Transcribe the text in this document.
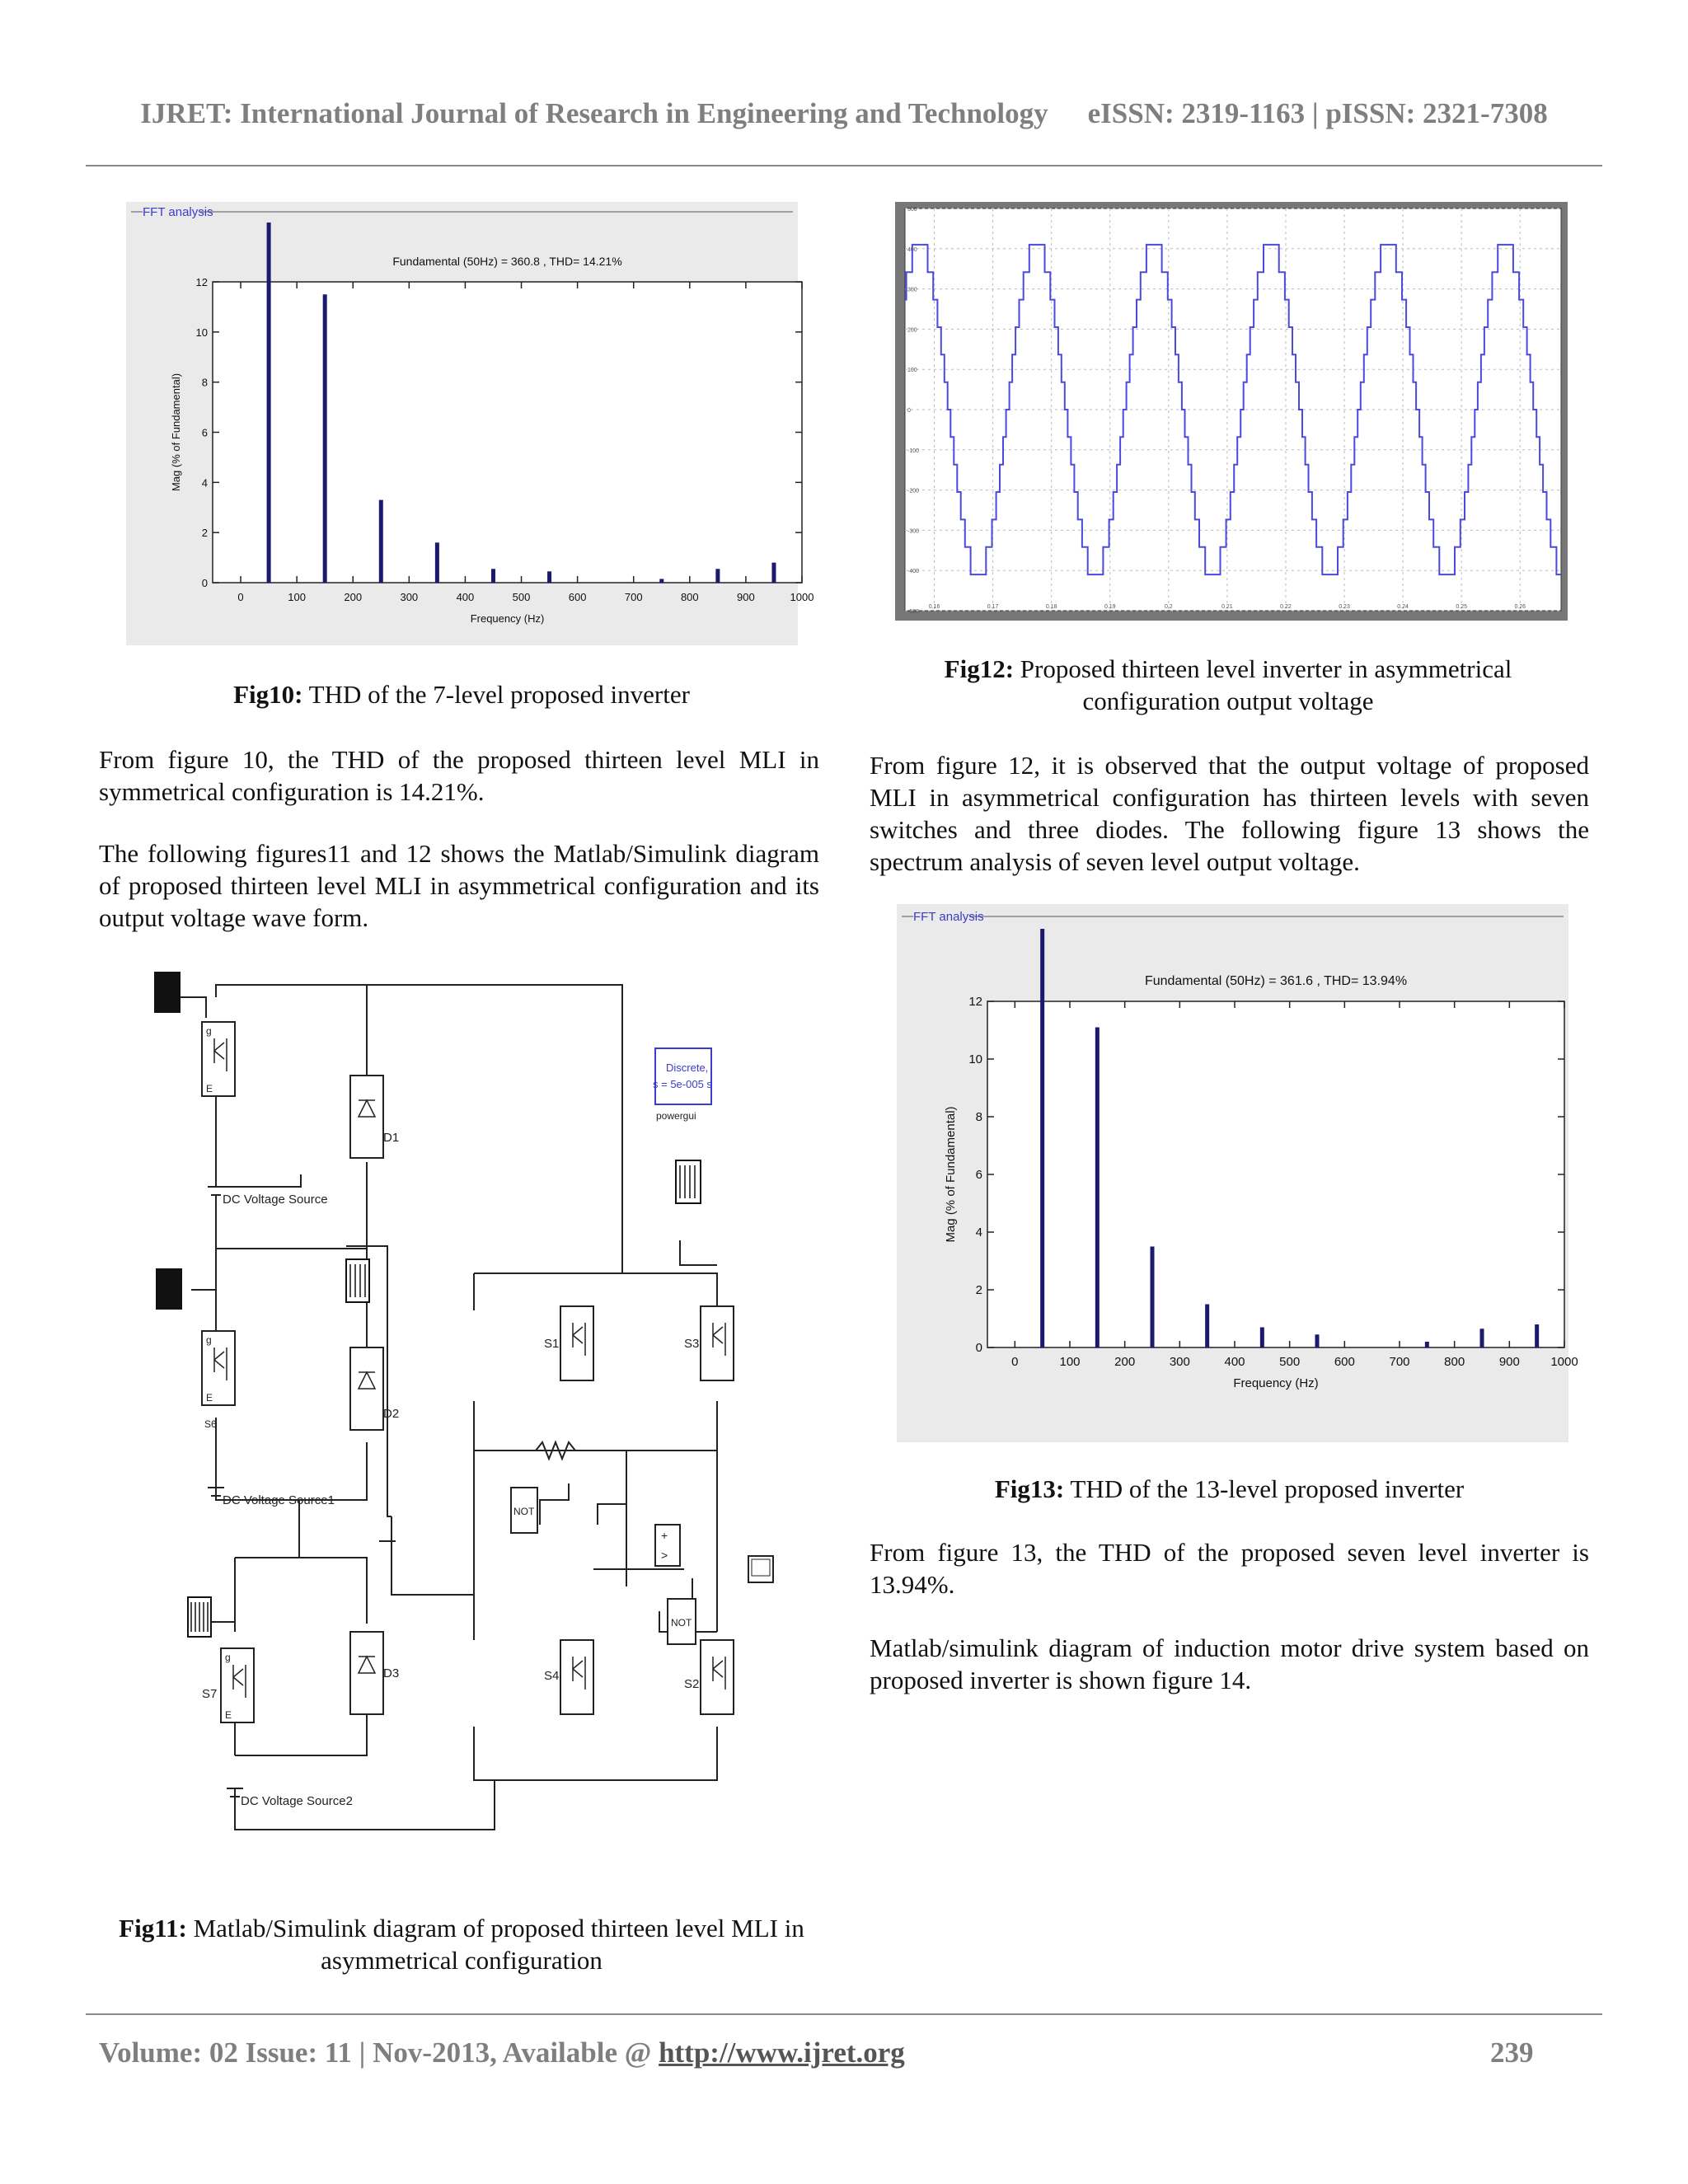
IJRET: International Journal of Research in Engineering and Technology eISSN: 2319-1163 | pISSN: 2321-7308
FFT analysis
Fundamental (50Hz) = 360.8 , THD= 14.21%
0
2
4
6
8
10
12
0	100	200	300	400	500	600	700	800	900	1000
Frequency (Hz)
Mag (% of Fundamental)
Fig10: THD of the 7-level proposed inverter
From figure 10, the THD of the proposed thirteen level MLI in symmetrical configuration is 14.21%.
The following figures11 and 12 shows the Matlab/Simulink diagram of proposed thirteen level MLI in asymmetrical configuration and its output voltage wave form.
g
E
g
E
g
E
D1
DC Voltage Source
D2
S6
DC Voltage Source1
D3
S7
DC Voltage Source2
S1	S3
S4
S2
NOT
NOT
Discrete,
s = 5e-005 s
powergui
+
>
Fig11: Matlab/Simulink diagram of proposed thirteen level MLI in asymmetrical configuration
-500
-400
-300
-200
-100
0
100
200
300
400
500
0.16	0.17	0.18	0.19	0.2	0.21	0.22	0.23	0.24	0.25	0.26
Fig12: Proposed thirteen level inverter in asymmetrical configuration output voltage
From figure 12, it is observed that the output voltage of proposed MLI in asymmetrical configuration has thirteen levels with seven switches and three diodes. The following figure 13 shows the spectrum analysis of seven level output voltage.
FFT analysis
Fundamental (50Hz) = 361.6 , THD= 13.94%
0
2
4
6
8
10
12
0	100	200	300	400	500	600	700	800	900 1000
Frequency (Hz)
Mag (% of Fundamental)
Fig13: THD of the 13-level proposed inverter
From figure 13, the THD of the proposed seven level inverter is 13.94%.
Matlab/simulink diagram of induction motor drive system based on proposed inverter is shown figure 14.
Volume: 02 Issue: 11 | Nov-2013, Available @ http://www.ijret.org	239
